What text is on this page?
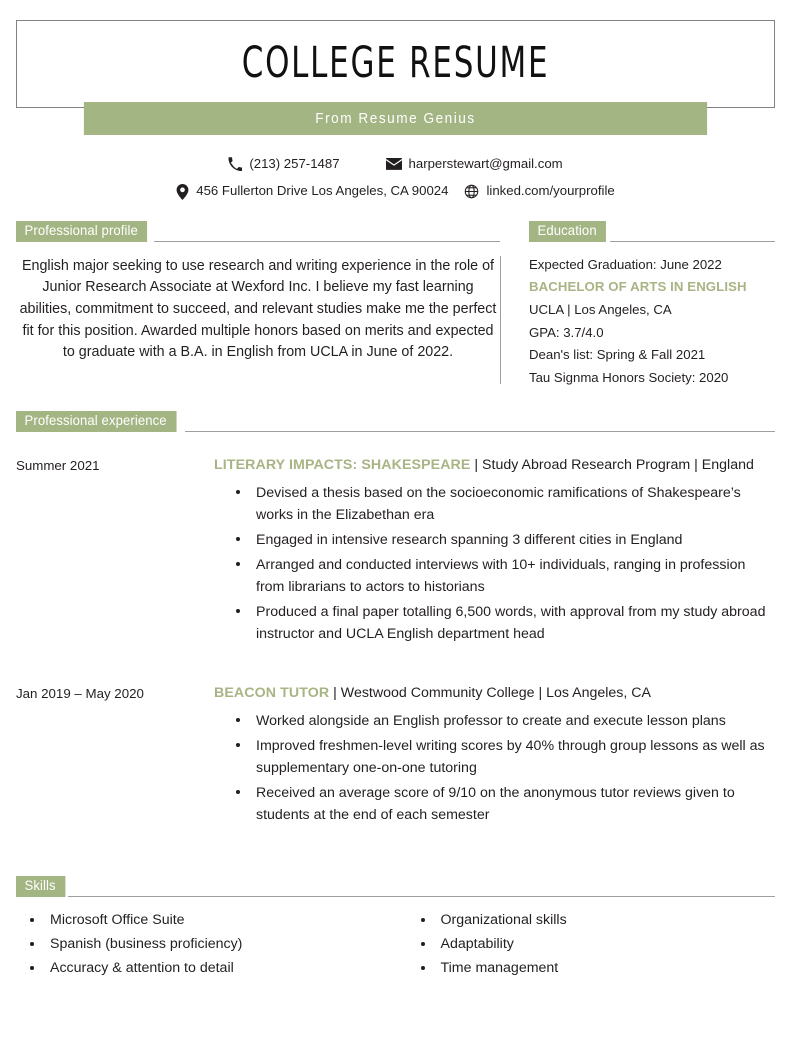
COLLEGE RESUME
From Resume Genius
(213) 257-1487	harperstewart@gmail.com
456 Fullerton Drive Los Angeles, CA 90024	linked.com/yourprofile
Professional profile	Education
English major seeking to use research and writing experience in the role of Junior Research Associate at Wexford Inc. I believe my fast learning abilities, commitment to succeed, and relevant studies make me the perfect fit for this position. Awarded multiple honors based on merits and expected to graduate with a B.A. in English from UCLA in June of 2022.
Expected Graduation: June 2022
BACHELOR OF ARTS IN ENGLISH
UCLA | Los Angeles, CA
GPA: 3.7/4.0
Dean's list: Spring & Fall 2021
Tau Signma Honors Society: 2020
Professional experience
Summer 2021	LITERARY IMPACTS: SHAKESPEARE | Study Abroad Research Program | England
Devised a thesis based on the socioeconomic ramifications of Shakespeare’s works in the Elizabethan era
Engaged in intensive research spanning 3 different cities in England
Arranged and conducted interviews with 10+ individuals, ranging in profession from librarians to actors to historians
Produced a final paper totalling 6,500 words, with approval from my study abroad instructor and UCLA English department head
Jan 2019 – May 2020	BEACON TUTOR | Westwood Community College | Los Angeles, CA
Worked alongside an English professor to create and execute lesson plans
Improved freshmen-level writing scores by 40% through group lessons as well as supplementary one-on-one tutoring
Received an average score of 9/10 on the anonymous tutor reviews given to students at the end of each semester
Skills
Microsoft Office Suite
Spanish (business proficiency)
Accuracy & attention to detail
Organizational skills
Adaptability
Time management
